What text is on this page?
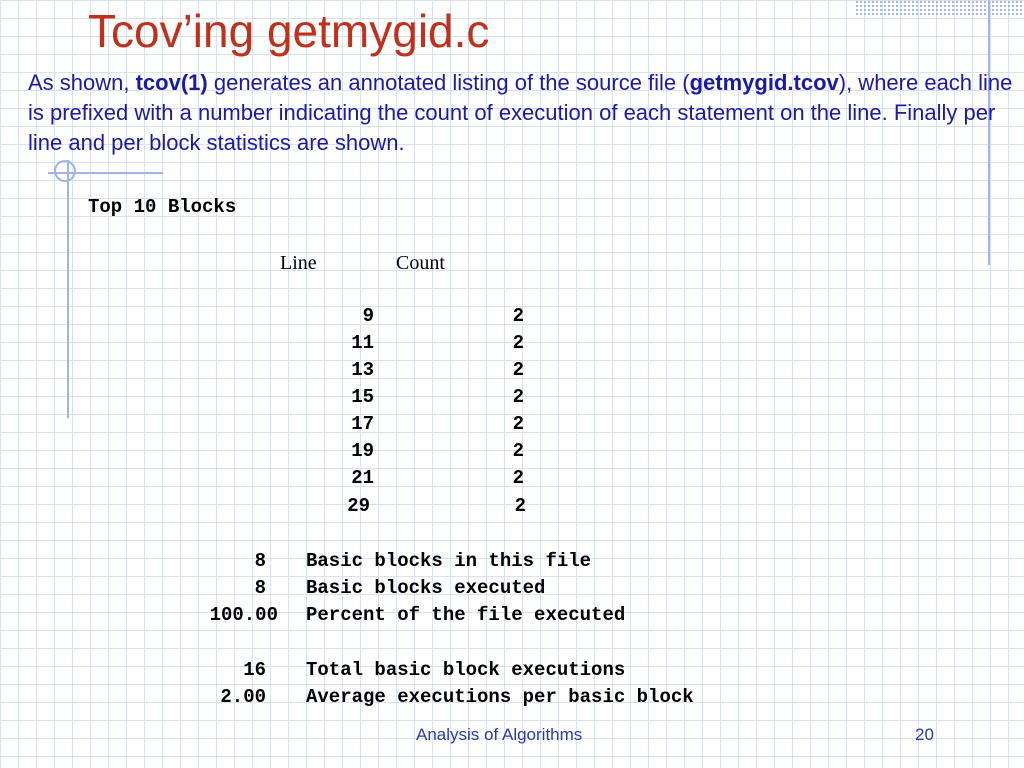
Tcov’ing getmygid.c
As shown, tcov(1) generates an annotated listing of the source file (getmygid.tcov), where each line is prefixed with a number indicating the count of execution of each statement on the line. Finally per line and per block statistics are shown.
Top 10 Blocks
Line	Count
9	2
11	2
13	2
15	2
17	2
19	2
21	2
29	2
8 Basic blocks in this file
8 Basic blocks executed
100.00 Percent of the file executed
16 Total basic block executions
2.00 Average executions per basic block
Analysis of Algorithms	20
